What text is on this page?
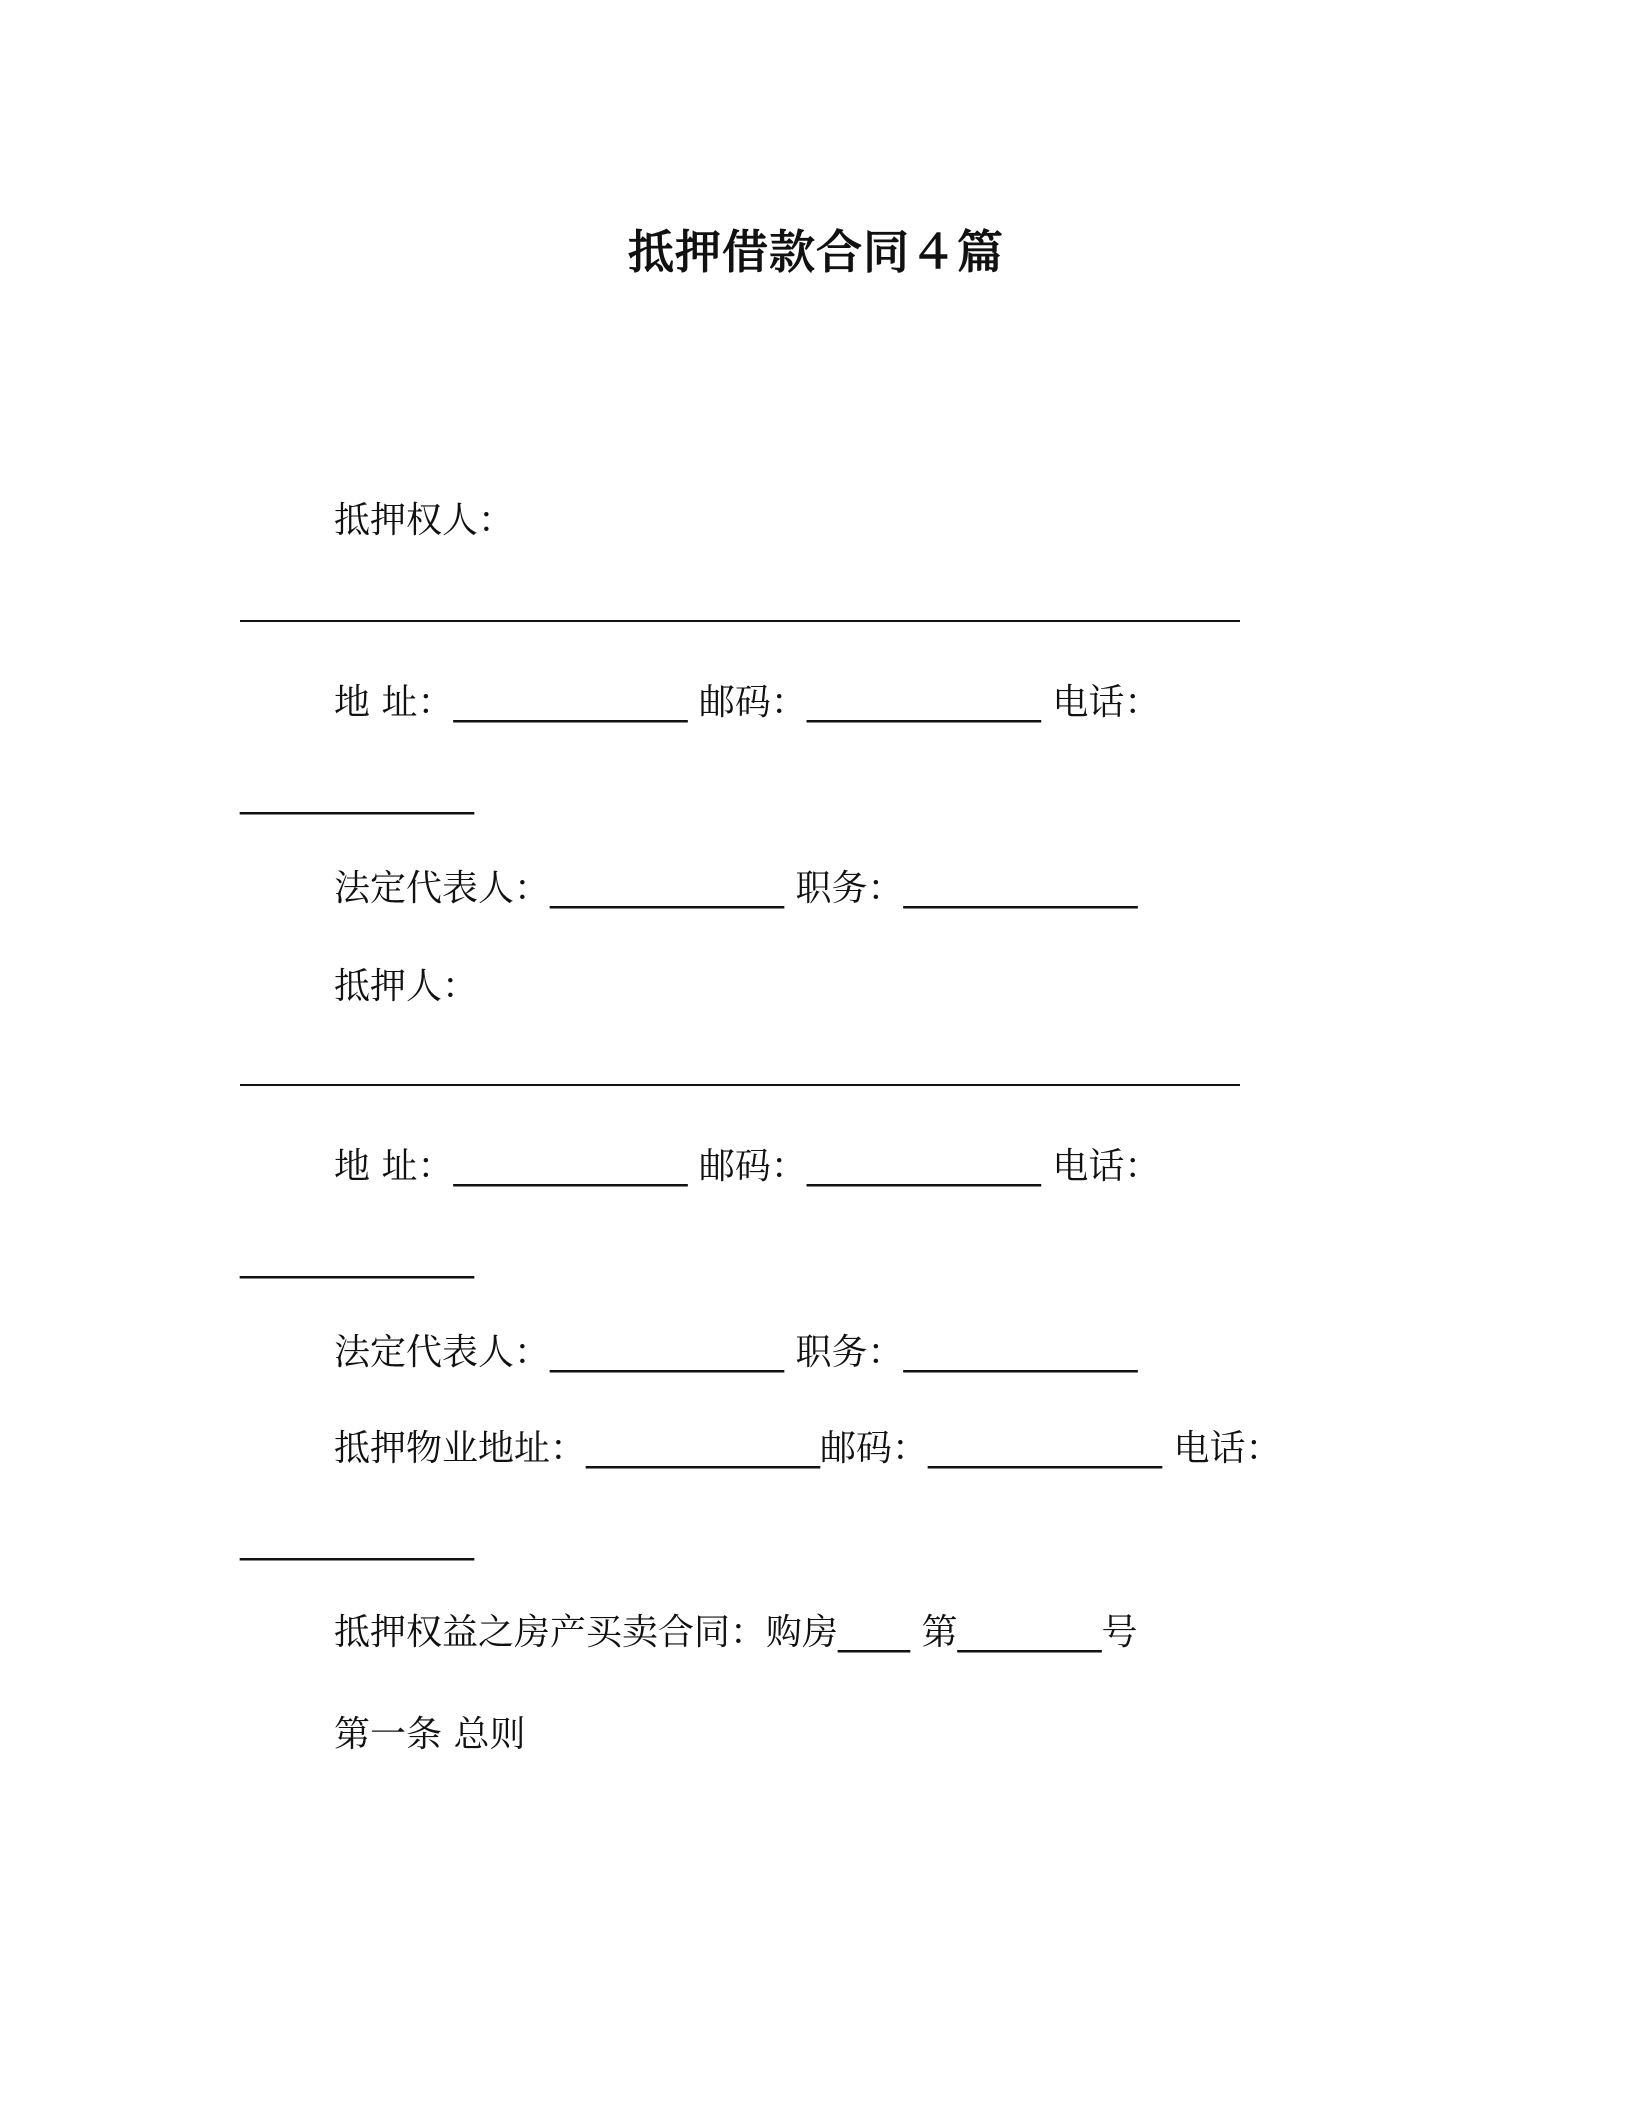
抵押借款合同４篇
抵押权人：
地 址：_____________ 邮码：_____________ 电话：
_____________
法定代表人：_____________ 职务：_____________
抵押人：
地 址：_____________ 邮码：_____________ 电话：
_____________
法定代表人：_____________ 职务：_____________
抵押物业地址：_____________邮码：_____________ 电话：
_____________
抵押权益之房产买卖合同：购房____ 第________号
第一条 总则
